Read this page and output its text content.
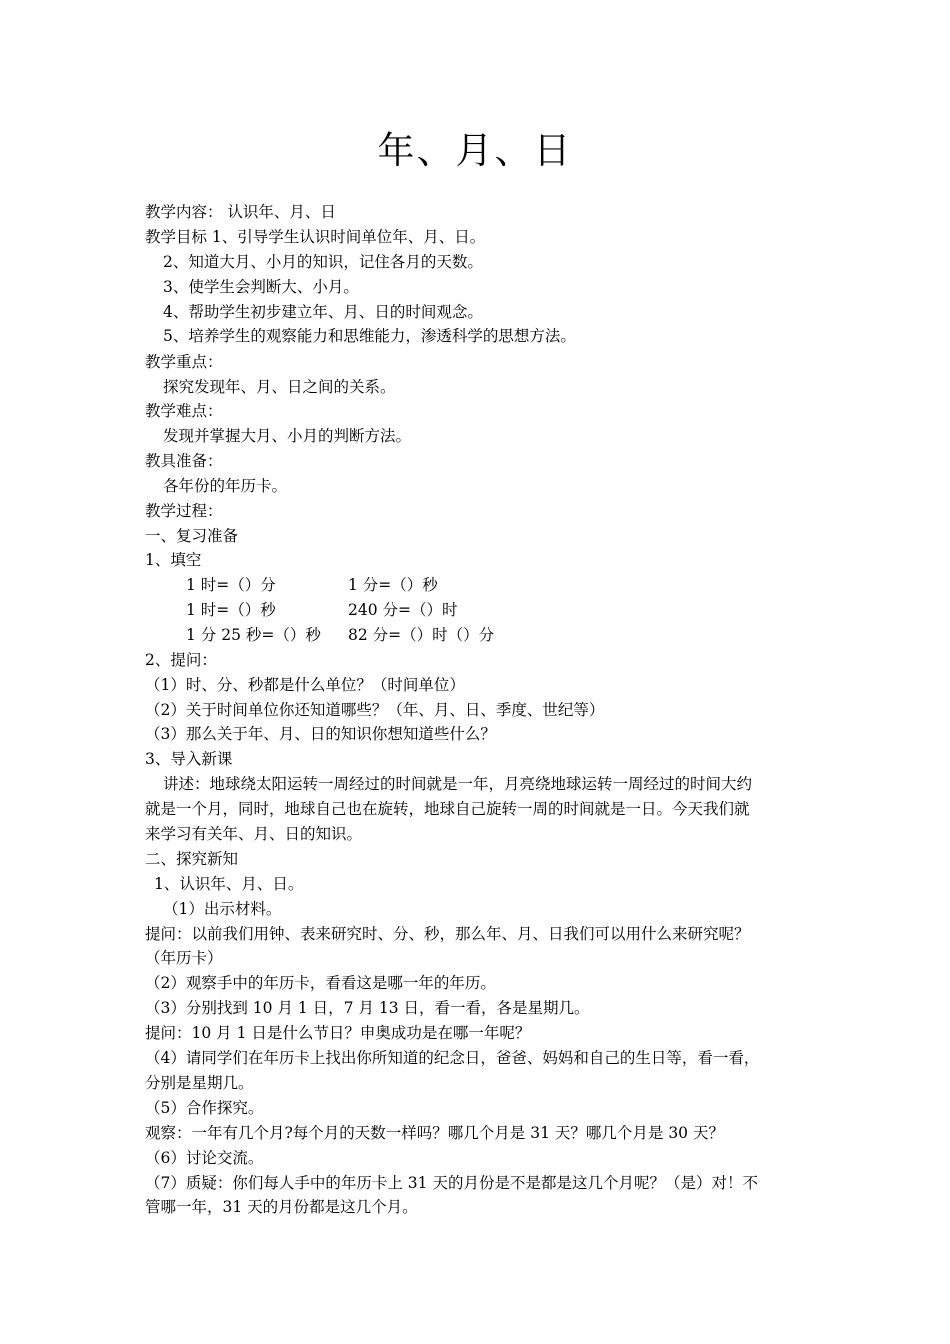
年、月、日
教学内容： 认识年、月、日
教学目标 1、引导学生认识时间单位年、月、日。
2、知道大月、小月的知识，记住各月的天数。
3、使学生会判断大、小月。
4、帮助学生初步建立年、月、日的时间观念。
5、培养学生的观察能力和思维能力，渗透科学的思想方法。
教学重点：
探究发现年、月、日之间的关系。
教学难点：
发现并掌握大月、小月的判断方法。
教具准备：
各年份的年历卡。
教学过程：
一、复习准备
1、填空
1 时=（）分	1 分=（）秒
1 时=（）秒	240 分=（）时
1 分 25 秒=（）秒 82 分=（）时（）分
2、提问：
（1）时、分、秒都是什么单位？（时间单位）
（2）关于时间单位你还知道哪些？（年、月、日、季度、世纪等）
（3）那么关于年、月、日的知识你想知道些什么？
3、导入新课
讲述：地球绕太阳运转一周经过的时间就是一年，月亮绕地球运转一周经过的时间大约
就是一个月，同时，地球自己也在旋转，地球自己旋转一周的时间就是一日。今天我们就
来学习有关年、月、日的知识。
二、探究新知
1、认识年、月、日。
（1）出示材料。
提问：以前我们用钟、表来研究时、分、秒，那么年、月、日我们可以用什么来研究呢？
（年历卡）
（2）观察手中的年历卡，看看这是哪一年的年历。
（3）分别找到 10 月 1 日，7 月 13 日，看一看，各是星期几。
提问：10 月 1 日是什么节日？申奥成功是在哪一年呢？
（4）请同学们在年历卡上找出你所知道的纪念日，爸爸、妈妈和自己的生日等，看一看，
分别是星期几。
（5）合作探究。
观察：一年有几个月?每个月的天数一样吗？哪几个月是 31 天？哪几个月是 30 天？
（6）讨论交流。
（7）质疑：你们每人手中的年历卡上 31 天的月份是不是都是这几个月呢？（是）对！不
管哪一年，31 天的月份都是这几个月。
